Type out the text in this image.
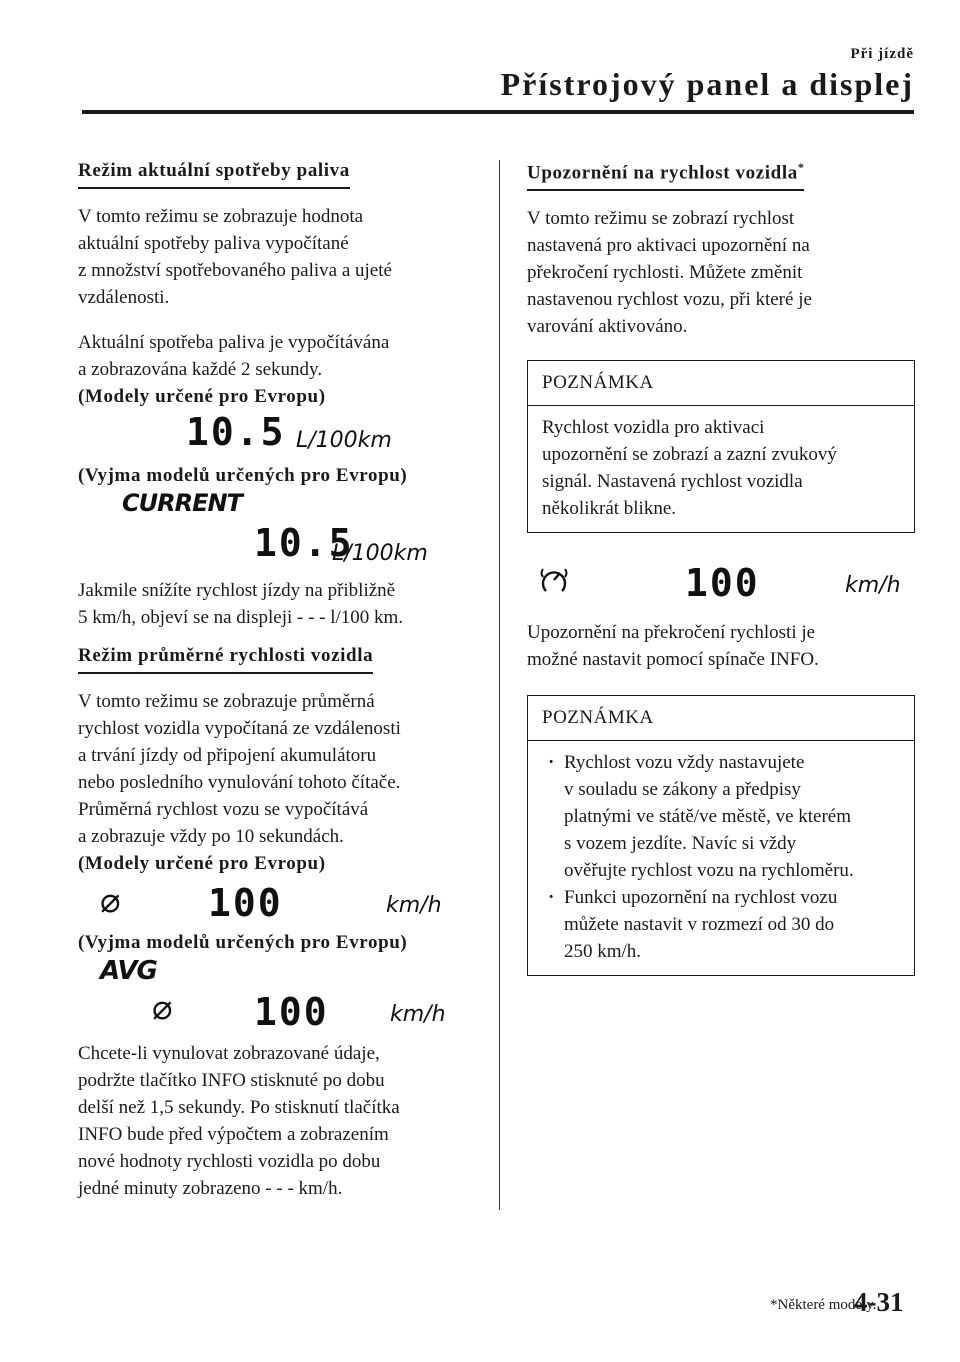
Při jízdě
Přístrojový panel a displej
Režim aktuální spotřeby paliva

V tomto režimu se zobrazuje hodnota
aktuální spotřeby paliva vypočítané
z množství spotřebovaného paliva a ujeté
vzdálenosti.

Aktuální spotřeba paliva je vypočítávána
a zobrazována každé 2 sekundy.

(Modely určené pro Evropu)
10.5 L/100km
(Vyjma modelů určených pro Evropu)
CURRENT
10.5
L/100km

Jakmile snížíte rychlost jízdy na přibližně
5 km/h, objeví se na displeji - - - l/100 km.

Režim průměrné rychlosti vozidla

V tomto režimu se zobrazuje průměrná
rychlost vozidla vypočítaná ze vzdálenosti
a trvání jízdy od připojení akumulátoru
nebo posledního vynulování tohoto čítače.
Průměrná rychlost vozu se vypočítává
a zobrazuje vždy po 10 sekundách.

(Modely určené pro Evropu)
⌀ 100	km/h
(Vyjma modelů určených pro Evropu)
AVG
⌀ 100	km/h

Chcete-li vynulovat zobrazované údaje,
podržte tlačítko INFO stisknuté po dobu
delší než 1,5 sekundy. Po stisknutí tlačítka
INFO bude před výpočtem a zobrazením
nové hodnoty rychlosti vozidla po dobu
jedné minuty zobrazeno - - - km/h.

Upozornění na rychlost vozidla*

V tomto režimu se zobrazí rychlost
nastavená pro aktivaci upozornění na
překročení rychlosti. Můžete změnit
nastavenou rychlost vozu, při které je
varování aktivováno.

POZNÁMKA

Rychlost vozidla pro aktivaci
upozornění se zobrazí a zazní zvukový
signál. Nastavená rychlost vozidla
několikrát blikne.

100	km/h

Upozornění na překročení rychlosti je
možné nastavit pomocí spínače INFO.

POZNÁMKA
· Rychlost vozu vždy nastavujete
v souladu se zákony a předpisy
platnými ve státě/ve městě, ve kterém
s vozem jezdíte. Navíc si vždy
ověřujte rychlost vozu na rychloměru.
· Funkci upozornění na rychlost vozu
můžete nastavit v rozmezí od 30 do
250 km/h.
*Některé modely.
4-31
